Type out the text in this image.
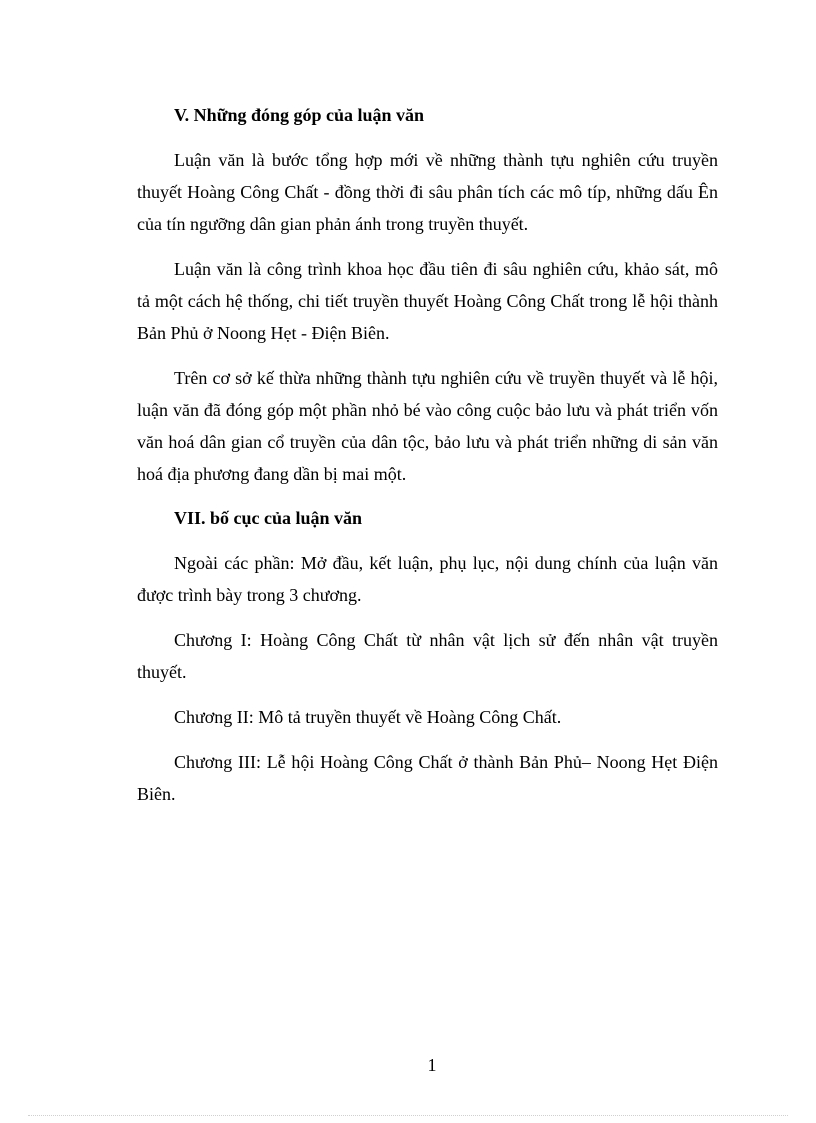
V. Những đóng góp của luận văn

Luận văn là bước tổng hợp mới về những thành tựu nghiên cứu truyền thuyết Hoàng Công Chất - đồng thời đi sâu phân tích các mô típ, những dấu Ên của tín ngưỡng dân gian phản ánh trong truyền thuyết.

Luận văn là công trình khoa học đầu tiên đi sâu nghiên cứu, khảo sát, mô tả một cách hệ thống, chi tiết truyền thuyết Hoàng Công Chất trong lễ hội thành Bản Phủ ở Noong Hẹt - Điện Biên.

Trên cơ sở kế thừa những thành tựu nghiên cứu về truyền thuyết và lễ hội, luận văn đã đóng góp một phần nhỏ bé vào công cuộc bảo lưu và phát triển vốn văn hoá dân gian cổ truyền của dân tộc, bảo lưu và phát triển những di sản văn hoá địa phương đang dần bị mai một.

VII. bố cục của luận văn

Ngoài các phần: Mở đầu, kết luận, phụ lục, nội dung chính của luận văn được trình bày trong 3 chương.

Chương I: Hoàng Công Chất từ nhân vật lịch sử đến nhân vật truyền thuyết.

Chương II: Mô tả truyền thuyết về Hoàng Công Chất.

Chương III: Lễ hội Hoàng Công Chất ở thành Bản Phủ– Noong Hẹt Điện Biên.

1
